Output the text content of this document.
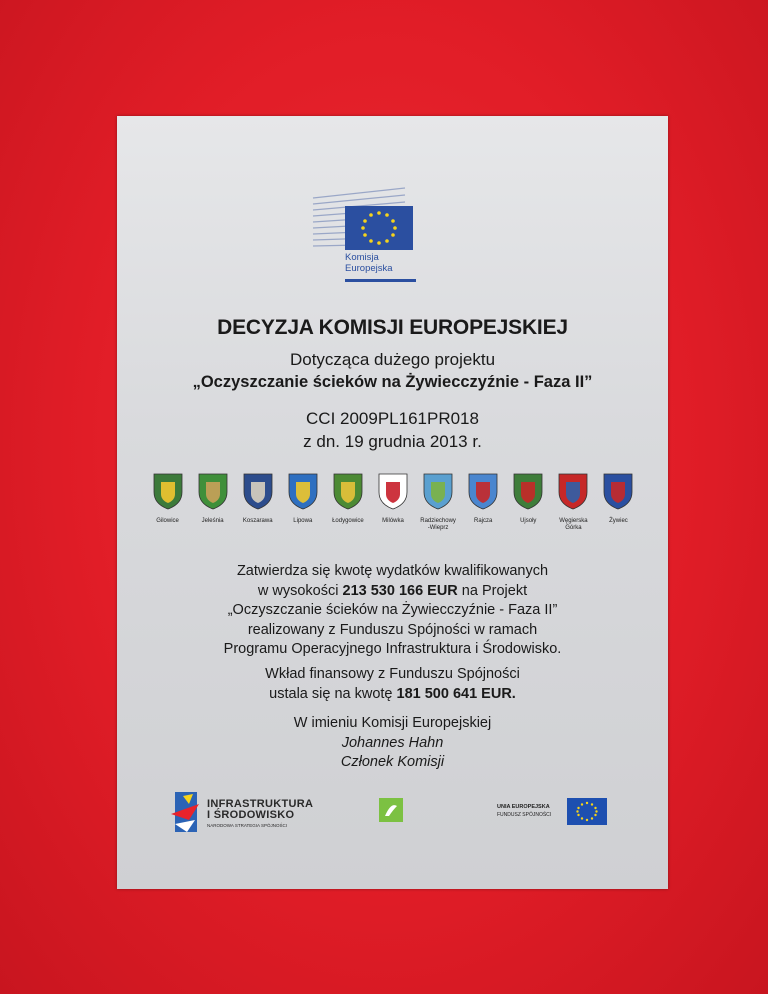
Komisja
Europejska
DECYZJA KOMISJI EUROPEJSKIEJ
Dotycząca dużego projektu
„Oczyszczanie ścieków na Żywiecczyźnie - Faza II”
CCI 2009PL161PR018
z dn. 19 grudnia 2013 r.
Gilowice	Jeleśnia	Koszarawa	Lipowa	Łodygowice	Milówka	Radziechowy
-Wieprz
Rajcza	Ujsoły	Węgierska
Górka
Żywiec
Zatwierdza się kwotę wydatków kwalifikowanych
w wysokości 213 530 166 EUR na Projekt
„Oczyszczanie ścieków na Żywiecczyźnie - Faza II”
realizowany z Funduszu Spójności w ramach
Programu Operacyjnego Infrastruktura i Środowisko.
Wkład finansowy z Funduszu Spójności
ustala się na kwotę 181 500 641 EUR.
W imieniu Komisji Europejskiej
Johannes Hahn
Członek Komisji
INFRASTRUKTURA
I ŚRODOWISKO
NARODOWA STRATEGIA SPÓJNOŚCI
UNIA EUROPEJSKA
FUNDUSZ SPÓJNOŚCI
